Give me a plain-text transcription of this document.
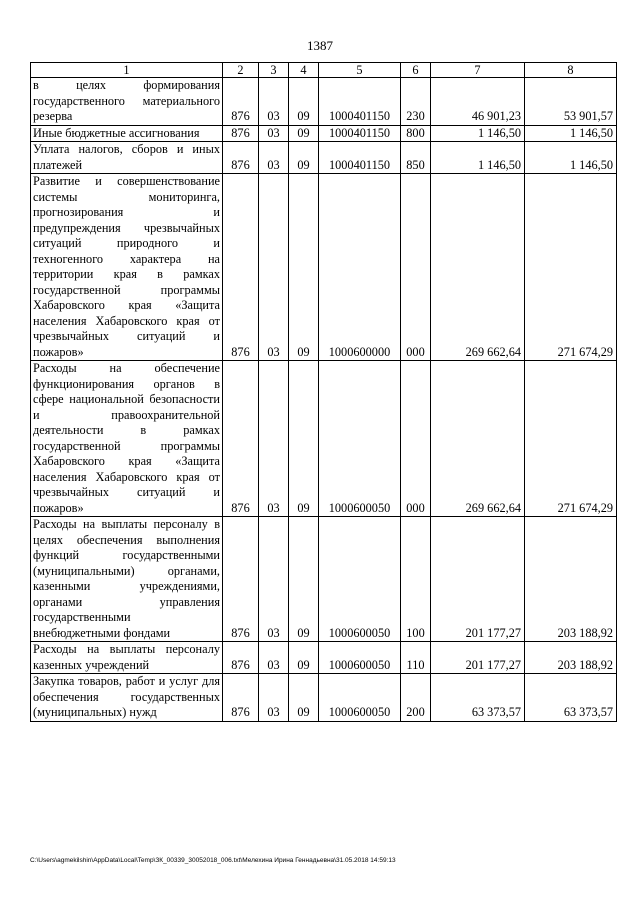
1387
1	2	3	4	5	6	7	8
в целях формирования государственного материального резерва	876	03	09	1000401150	230	46 901,23	53 901,57
Иные бюджетные ассигнования	876	03	09	1000401150	800	1 146,50	1 146,50
Уплата налогов, сборов и иных платежей	876	03	09	1000401150	850	1 146,50	1 146,50
Развитие и совершенствование системы мониторинга, прогнозирования и предупреждения чрезвычайных ситуаций природного и техногенного характера на территории края в рамках государственной программы Хабаровского края «Защита населения Хабаровского края от чрезвычайных ситуаций и пожаров»	876	03	09	1000600000	000	269 662,64	271 674,29
Расходы на обеспечение функционирования органов в сфере национальной безопасности и правоохранительной деятельности в рамках государственной программы Хабаровского края «Защита населения Хабаровского края от чрезвычайных ситуаций и пожаров»	876	03	09	1000600050	000	269 662,64	271 674,29
Расходы на выплаты персоналу в целях обеспечения выполнения функций государственными (муниципальными) органами, казенными учреждениями, органами управления государственными внебюджетными фондами	876	03	09	1000600050	100	201 177,27	203 188,92
Расходы на выплаты персоналу казенных учреждений	876	03	09	1000600050	110	201 177,27	203 188,92
Закупка товаров, работ и услуг для обеспечения государственных (муниципальных) нужд	876	03	09	1000600050	200	63 373,57	63 373,57
C:\Users\agmekilshin\AppData\Local\Temp\ЗК_00339_30052018_006.txt\Мелехина Ирина Геннадьевна\31.05.2018 14:59:13
